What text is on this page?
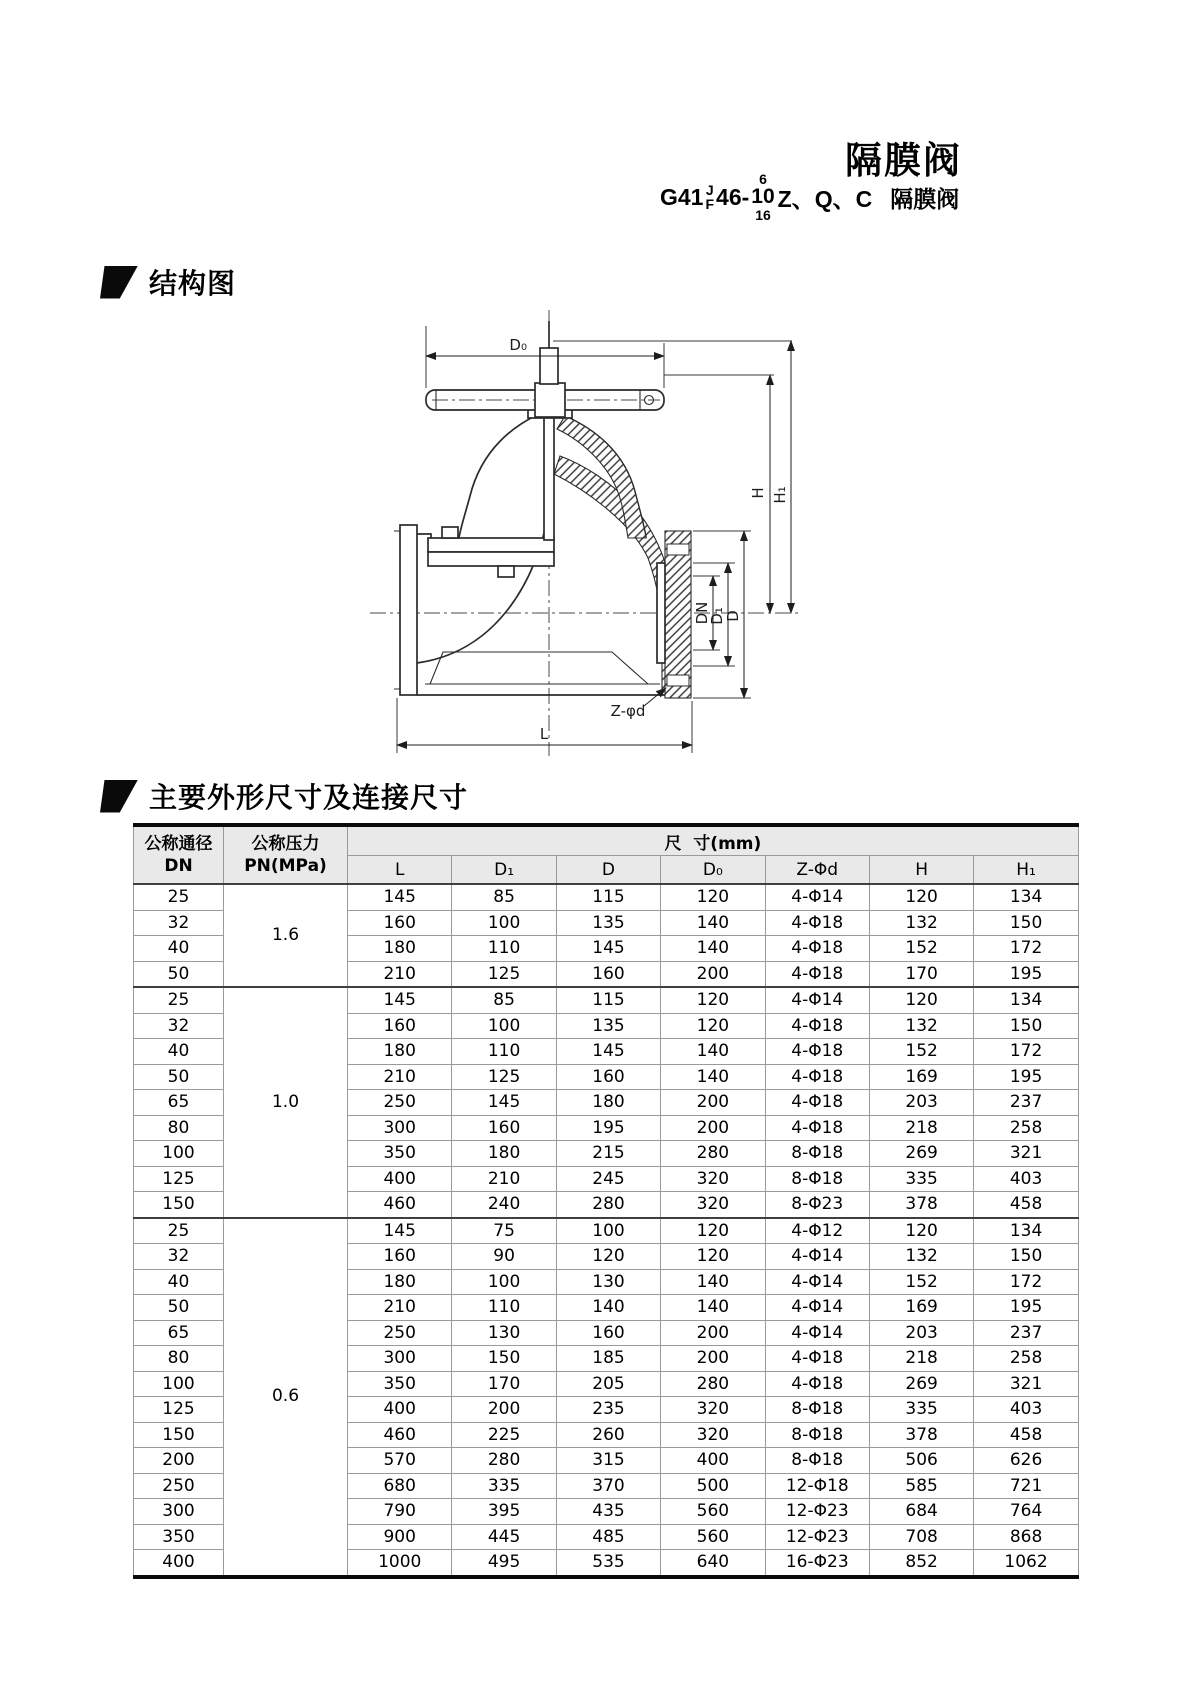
隔膜阀
G41 J
F 46-
6
10
16
Z、Q、C 隔膜阀
结构图
D₀
H H₁
DN
D₁
D
Z-φd
L
主要外形尺寸及连接尺寸
公称通径
DN	公称压力
PN(MPa)	尺  寸(mm)						
		L	D₁	D	D₀	Z-Φd	H	H₁
25	1.6	145	85	115	120	4-Φ14	120	134
32		160	100	135	140	4-Φ18	132	150
40		180	110	145	140	4-Φ18	152	172
50		210	125	160	200	4-Φ18	170	195
25	1.0	145	85	115	120	4-Φ14	120	134
32		160	100	135	120	4-Φ18	132	150
40		180	110	145	140	4-Φ18	152	172
50		210	125	160	140	4-Φ18	169	195
65		250	145	180	200	4-Φ18	203	237
80		300	160	195	200	4-Φ18	218	258
100		350	180	215	280	8-Φ18	269	321
125		400	210	245	320	8-Φ18	335	403
150		460	240	280	320	8-Φ23	378	458
25	0.6	145	75	100	120	4-Φ12	120	134
32		160	90	120	120	4-Φ14	132	150
40		180	100	130	140	4-Φ14	152	172
50		210	110	140	140	4-Φ14	169	195
65		250	130	160	200	4-Φ14	203	237
80		300	150	185	200	4-Φ18	218	258
100		350	170	205	280	4-Φ18	269	321
125		400	200	235	320	8-Φ18	335	403
150		460	225	260	320	8-Φ18	378	458
200		570	280	315	400	8-Φ18	506	626
250		680	335	370	500	12-Φ18	585	721
300		790	395	435	560	12-Φ23	684	764
350		900	445	485	560	12-Φ23	708	868
400		1000	495	535	640	16-Φ23	852	1062
